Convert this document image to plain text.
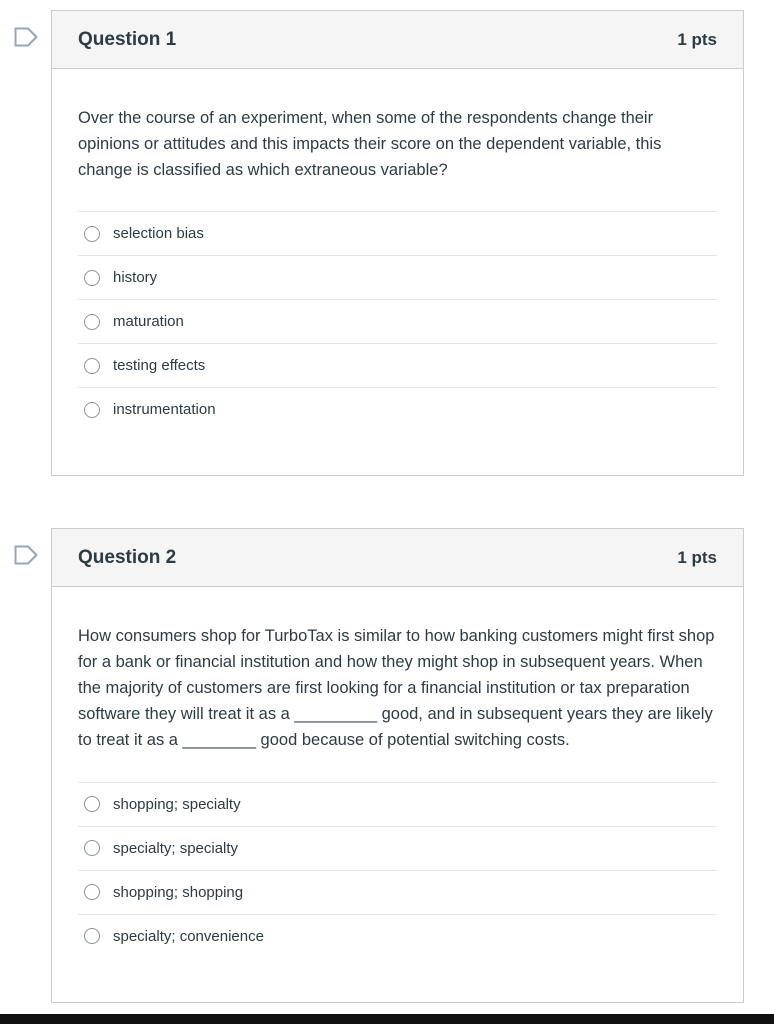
Question 1	1 pts

Over the course of an experiment, when some of the respondents change their opinions or attitudes and this impacts their score on the dependent variable, this change is classified as which extraneous variable?

selection bias
history
maturation
testing effects
instrumentation
Question 2	1 pts

How consumers shop for TurboTax is similar to how banking customers might first shop for a bank or financial institution and how they might shop in subsequent years. When the majority of customers are first looking for a financial institution or tax preparation software they will treat it as a _________ good, and in subsequent years they are likely to treat it as a ________ good because of potential switching costs.

shopping; specialty
specialty; specialty
shopping; shopping
specialty; convenience
